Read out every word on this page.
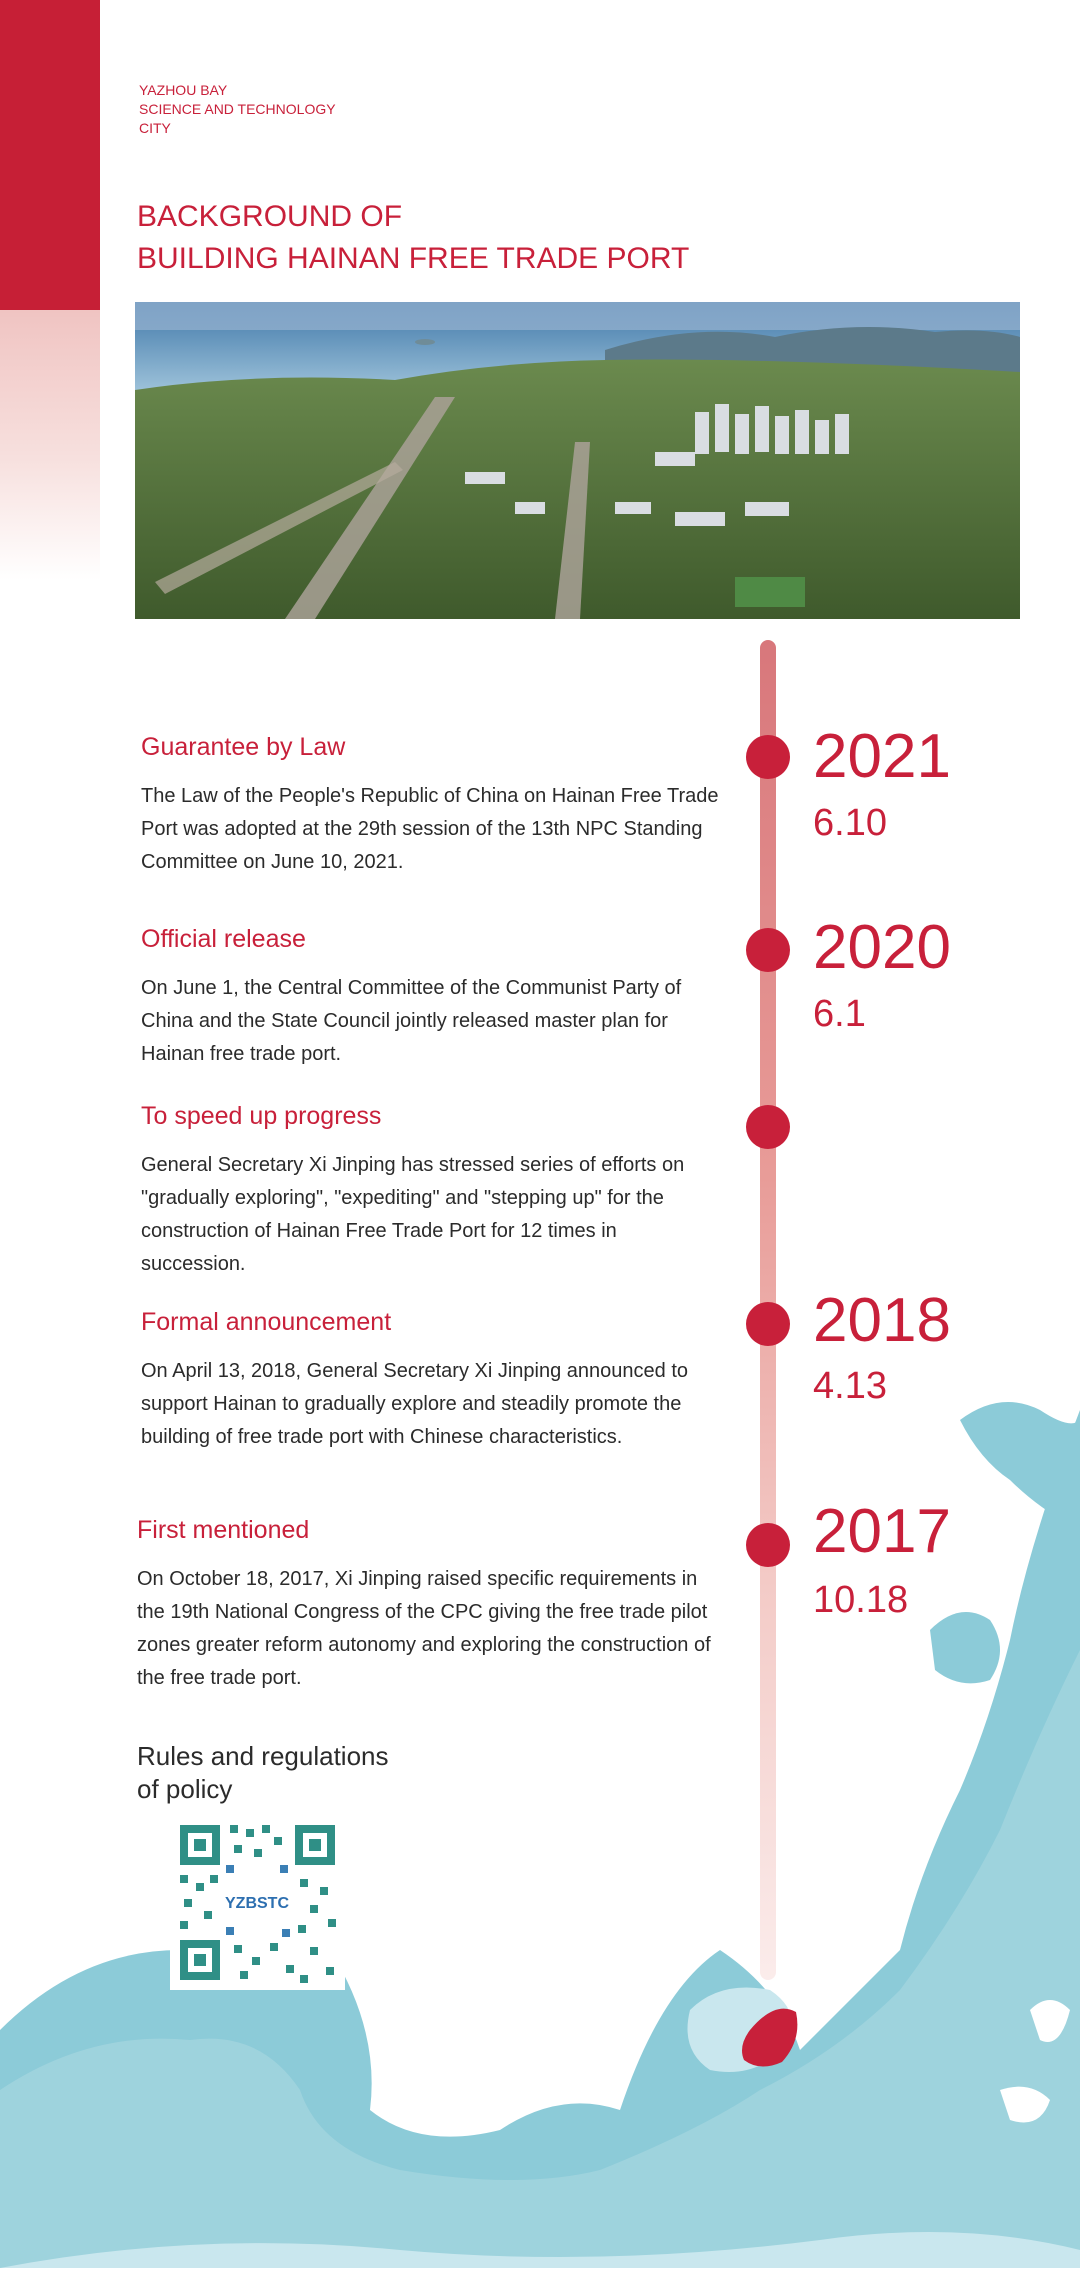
YAZHOU BAY
SCIENCE AND TECHNOLOGY
CITY
BACKGROUND OF
BUILDING HAINAN FREE TRADE PORT
2021
6.10
2020
6.1
2018
4.13
2017
10.18
Guarantee by Law
The Law of the People's Republic of China on Hainan Free Trade Port was adopted at the 29th session of the 13th NPC Standing Committee on June 10, 2021.
Official release
On June 1, the Central Committee of the Communist Party of China and the State Council jointly released master plan for Hainan free trade port.
To speed up progress
General Secretary Xi Jinping has stressed series of efforts on "gradually exploring", "expediting" and "stepping up" for the construction of Hainan Free Trade Port for 12 times in succession.
Formal announcement
On April 13, 2018, General Secretary Xi Jinping announced to support Hainan to gradually explore and steadily promote the building of free trade port with Chinese characteristics.
First mentioned
On October 18, 2017, Xi Jinping raised specific requirements in the 19th National Congress of the CPC giving the free trade pilot zones greater reform autonomy and exploring the construction of the free trade port.
Rules and regulations
of policy
YZBSTC
